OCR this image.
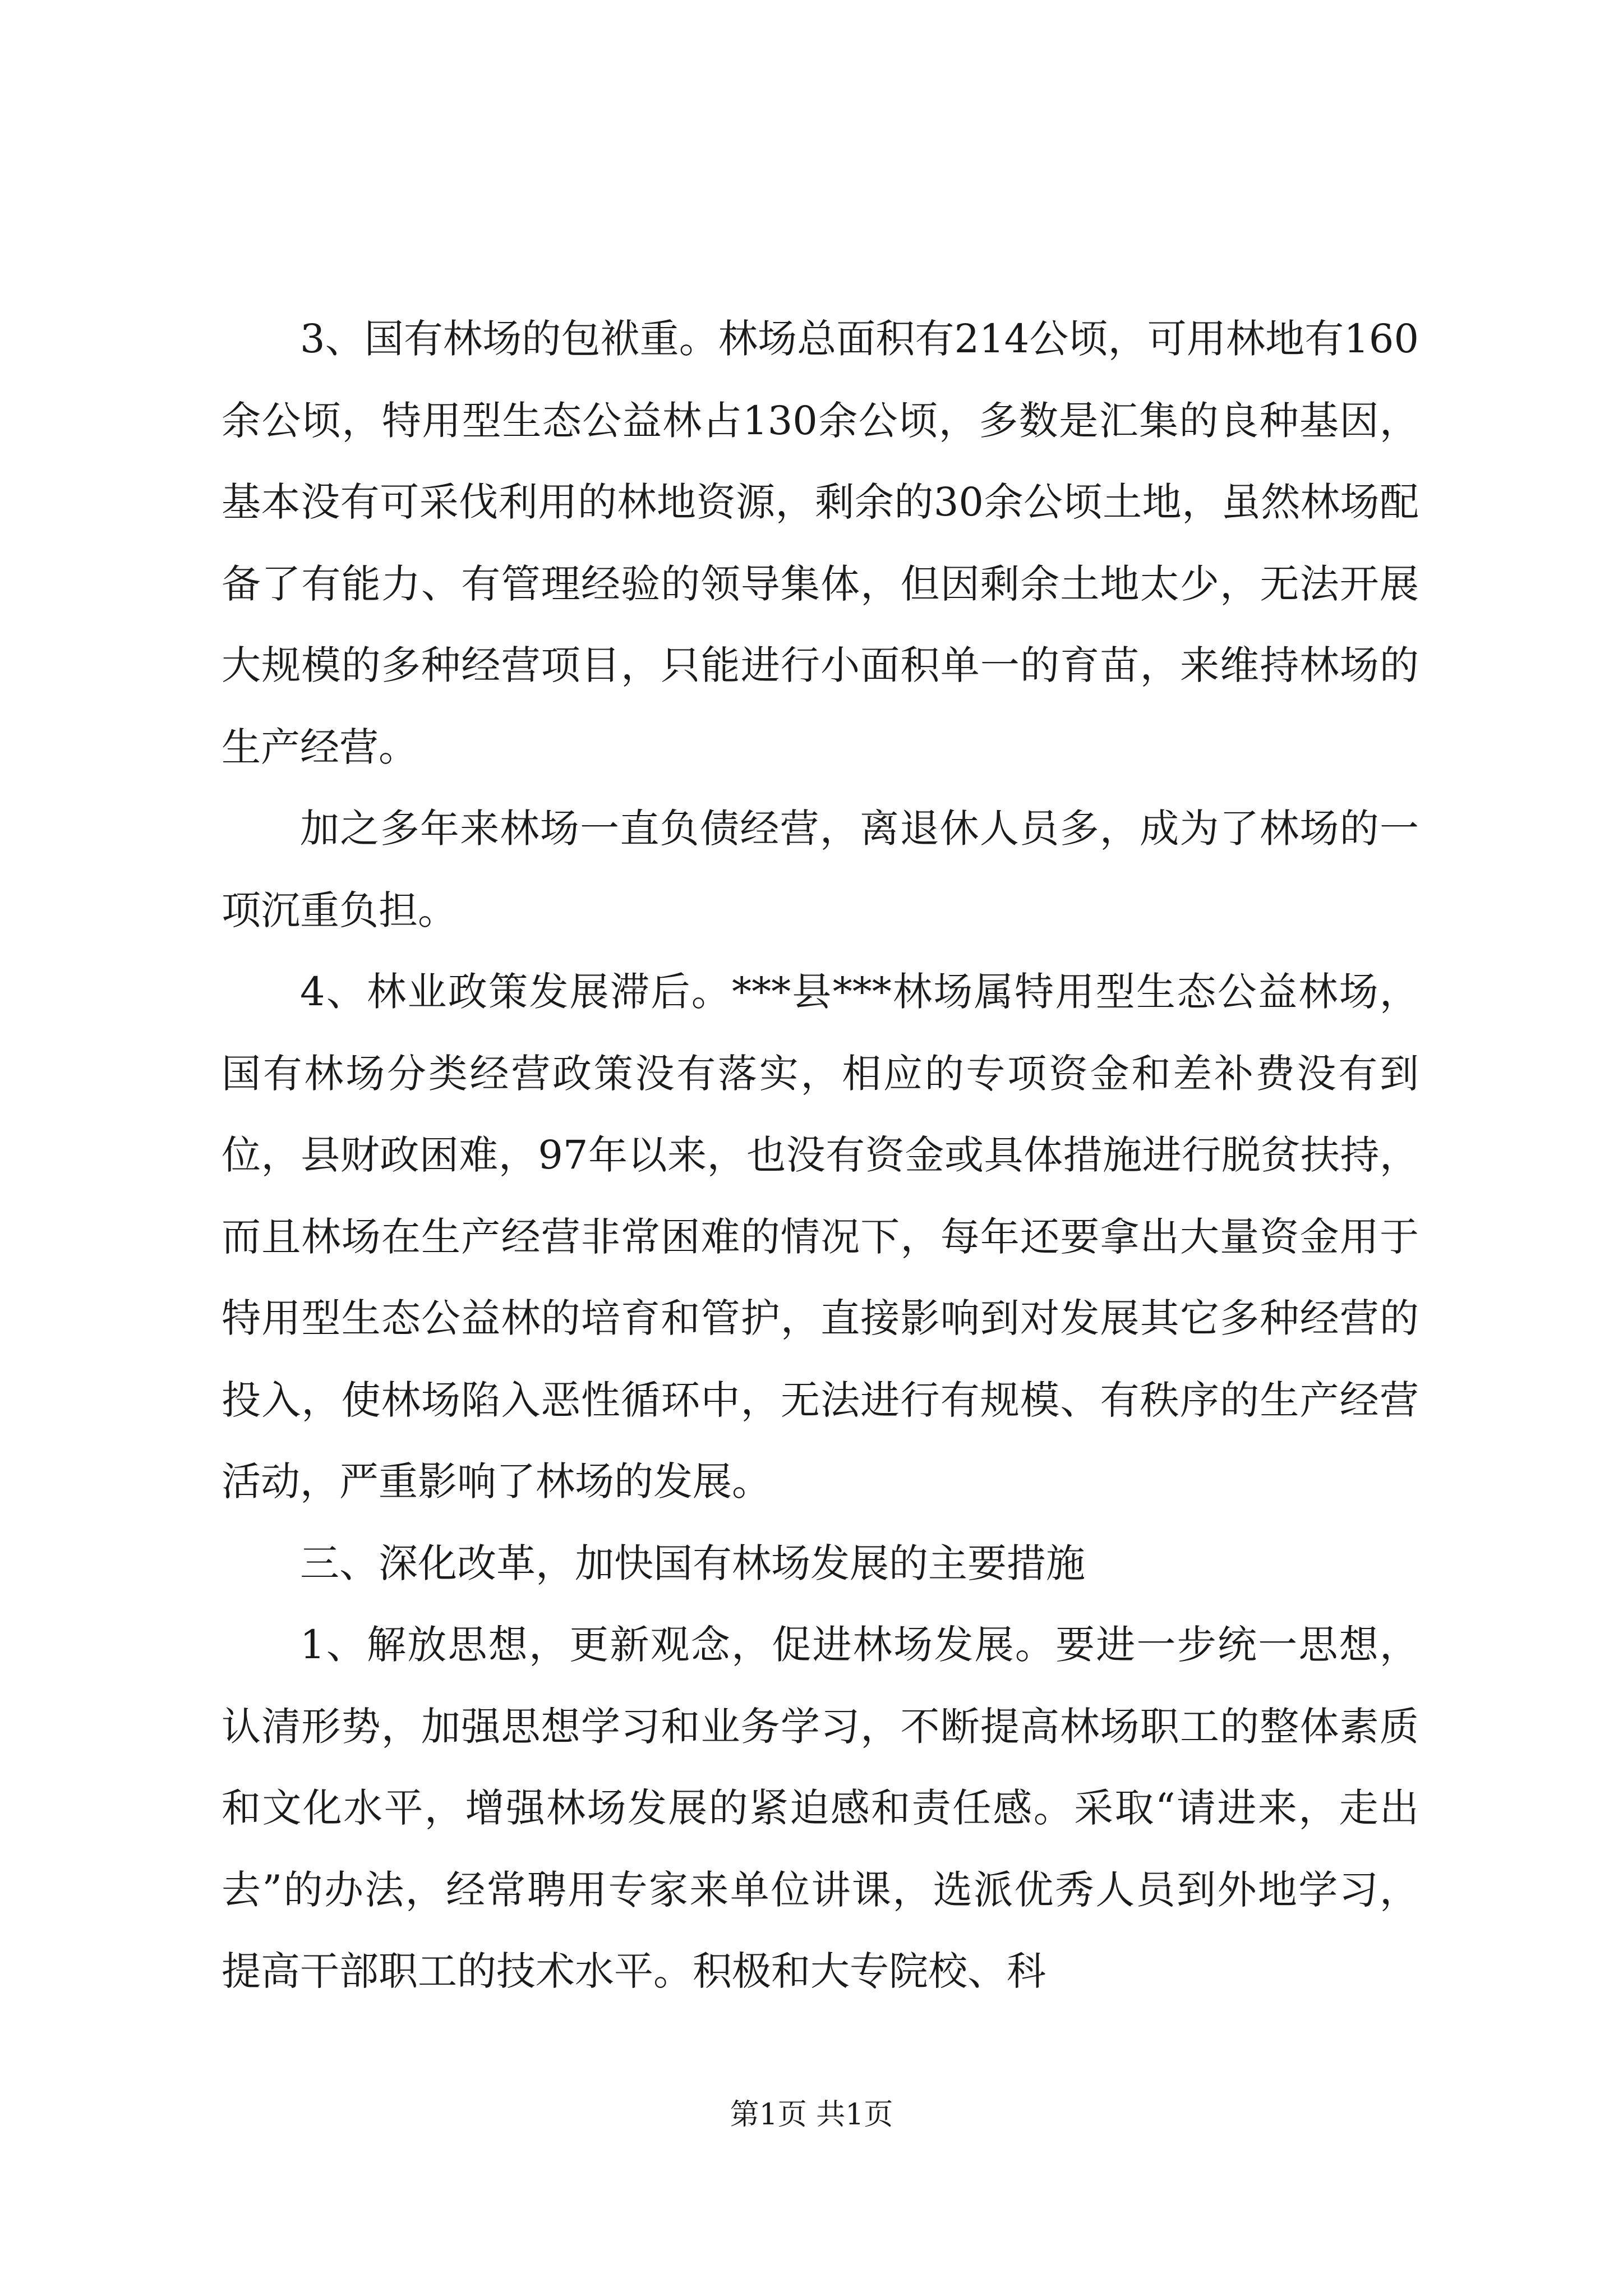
3、国有林场的包袱重。林场总面积有214公顷，可用林地有160余公顷，特用型生态公益林占130余公顷，多数是汇集的良种基因，基本没有可采伐利用的林地资源，剩余的30余公顷土地，虽然林场配备了有能力、有管理经验的领导集体，但因剩余土地太少，无法开展大规模的多种经营项目，只能进行小面积单一的育苗，来维持林场的生产经营。

加之多年来林场一直负债经营，离退休人员多，成为了林场的一项沉重负担。

4、林业政策发展滞后。***县***林场属特用型生态公益林场，国有林场分类经营政策没有落实，相应的专项资金和差补费没有到位，县财政困难，97年以来，也没有资金或具体措施进行脱贫扶持，而且林场在生产经营非常困难的情况下，每年还要拿出大量资金用于特用型生态公益林的培育和管护，直接影响到对发展其它多种经营的投入，使林场陷入恶性循环中，无法进行有规模、有秩序的生产经营活动，严重影响了林场的发展。

三、深化改革，加快国有林场发展的主要措施

1、解放思想，更新观念，促进林场发展。要进一步统一思想，认清形势，加强思想学习和业务学习，不断提高林场职工的整体素质和文化水平，增强林场发展的紧迫感和责任感。采取“请进来，走出去”的办法，经常聘用专家来单位讲课，选派优秀人员到外地学习，提高干部职工的技术水平。积极和大专院校、科

第1页 共1页
